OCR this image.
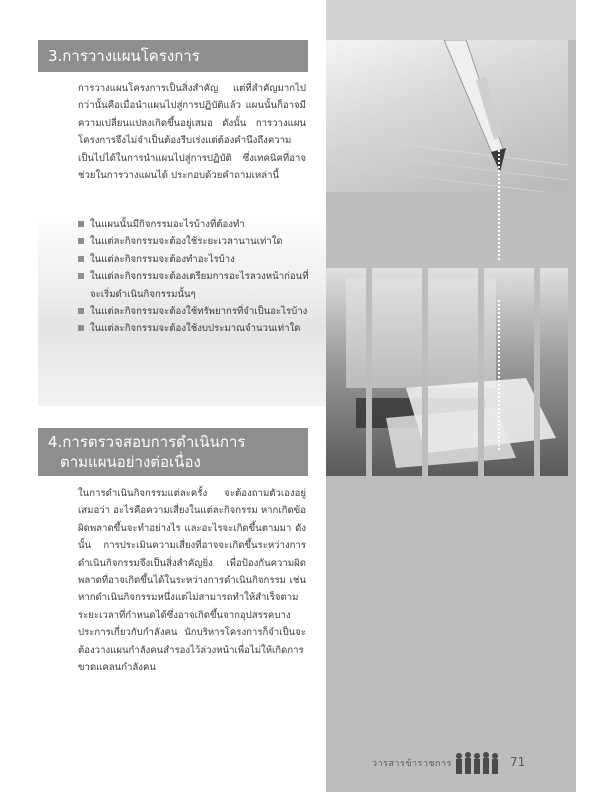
3.การวางแผนโครงการ

การวางแผนโครงการเป็นสิ่งสำคัญ แต่ที่สำคัญมากไปกว่านั้นคือเมื่อนำแผนไปสู่การปฏิบัติแล้ว แผนนั้นก็อาจมีความเปลี่ยนแปลงเกิดขึ้นอยู่เสมอ ดังนั้น การวางแผนโครงการจึงไม่จำเป็นต้องรีบเร่งแต่ต้องคำนึงถึงความเป็นไปได้ในการนำแผนไปสู่การปฏิบัติ ซึ่งเทคนิคที่อาจช่วยในการวางแผนได้ ประกอบด้วยคำถามเหล่านี้

ในแผนนั้นมีกิจกรรมอะไรบ้างที่ต้องทำ
ในแต่ละกิจกรรมจะต้องใช้ระยะเวลานานเท่าใด
ในแต่ละกิจกรรมจะต้องทำอะไรบ้าง
ในแต่ละกิจกรรมจะต้องเตรียมการอะไรลวงหน้าก่อนที่จะเริ่มดำเนินกิจกรรมนั้นๆ
ในแต่ละกิจกรรมจะต้องใช้ทรัพยากรที่จำเป็นอะไรบ้าง
ในแต่ละกิจกรรมจะต้องใช้งบประมาณจำนวนเท่าใด
4.การตรวจสอบการดำเนินการ
ตามแผนอย่างต่อเนื่อง

ในการดำเนินกิจกรรมแต่ละครั้ง จะต้องถามตัวเองอยู่เสมอว่า อะไรคือความเสี่ยงในแต่ละกิจกรรม หากเกิดข้อผิดพลาดขึ้นจะทำอย่างไร และอะไรจะเกิดขึ้นตามมา ดังนั้น การประเมินความเสี่ยงที่อาจจะเกิดขึ้นระหว่างการดำเนินกิจกรรมจึงเป็นสิ่งสำคัญยิ่ง เพื่อป้องกันความผิดพลาดที่อาจเกิดขึ้นได้ในระหว่างการดำเนินกิจกรรม เช่น หากดำเนินกิจกรรมหนึ่งแต่ไม่สามารถทำให้สำเร็จตามระยะเวลาที่กำหนดได้ซึ่งอาจเกิดขึ้นจากอุปสรรคบางประการเกี่ยวกับกำลังคน นักบริหารโครงการก็จำเป็นจะต้องวางแผนกำลังคนสำรองไว้ล่วงหน้าเพื่อไม่ให้เกิดการขาดแคลนกำลังคน

วารสารข้าราชการ	71
